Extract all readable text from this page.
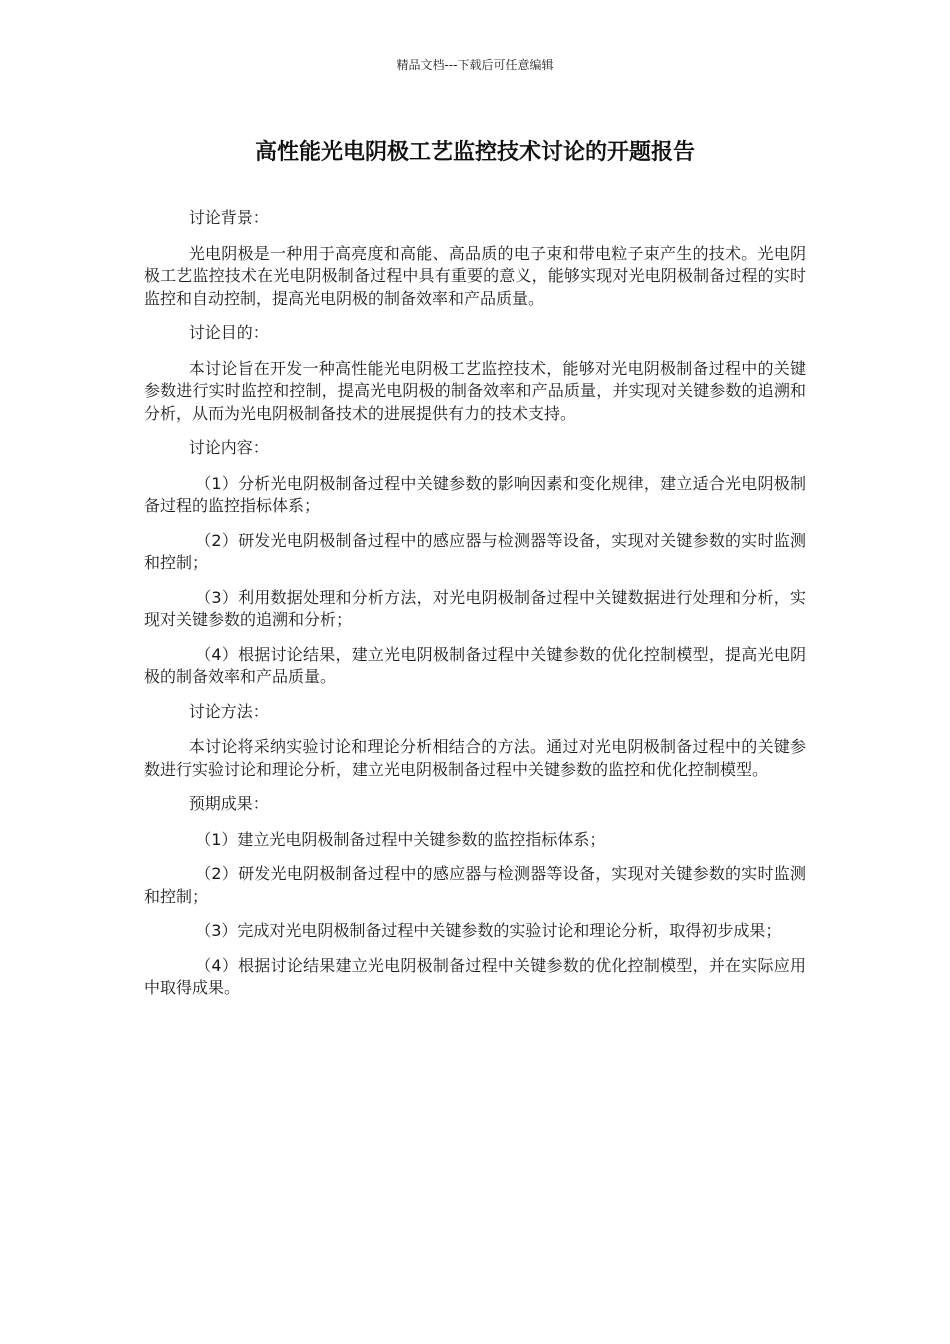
精品文档---下载后可任意编辑
高性能光电阴极工艺监控技术讨论的开题报告

讨论背景：

光电阴极是一种用于高亮度和高能、高品质的电子束和带电粒子束产生的技术。光电阴极工艺监控技术在光电阴极制备过程中具有重要的意义，能够实现对光电阴极制备过程的实时监控和自动控制，提高光电阴极的制备效率和产品质量。

讨论目的：

本讨论旨在开发一种高性能光电阴极工艺监控技术，能够对光电阴极制备过程中的关键参数进行实时监控和控制，提高光电阴极的制备效率和产品质量，并实现对关键参数的追溯和分析，从而为光电阴极制备技术的进展提供有力的技术支持。

讨论内容：

（1）分析光电阴极制备过程中关键参数的影响因素和变化规律，建立适合光电阴极制备过程的监控指标体系；

（2）研发光电阴极制备过程中的感应器与检测器等设备，实现对关键参数的实时监测和控制；

（3）利用数据处理和分析方法，对光电阴极制备过程中关键数据进行处理和分析，实现对关键参数的追溯和分析；

（4）根据讨论结果，建立光电阴极制备过程中关键参数的优化控制模型，提高光电阴极的制备效率和产品质量。

讨论方法：

本讨论将采纳实验讨论和理论分析相结合的方法。通过对光电阴极制备过程中的关键参数进行实验讨论和理论分析，建立光电阴极制备过程中关键参数的监控和优化控制模型。

预期成果：

（1）建立光电阴极制备过程中关键参数的监控指标体系；

（2）研发光电阴极制备过程中的感应器与检测器等设备，实现对关键参数的实时监测和控制；

（3）完成对光电阴极制备过程中关键参数的实验讨论和理论分析，取得初步成果；

（4）根据讨论结果建立光电阴极制备过程中关键参数的优化控制模型，并在实际应用中取得成果。
